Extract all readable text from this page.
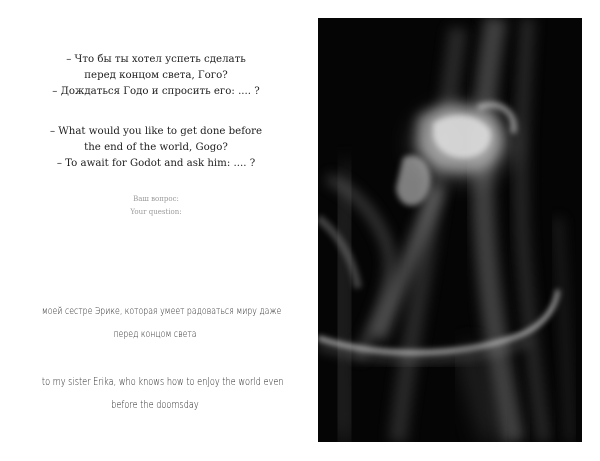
– Что бы ты хотел успеть сделать
перед концом света, Гого?
– Дождаться Годо и спросить его: .... ?
– What would you like to get done before
the end of the world, Gogo?
– To await for Godot and ask him: .... ?
Ваш вопрос:
Your question:
моей сестре Эрике, которая умеет радоваться миру даже
перед концом света
to my sister Erika, who knows how to enJoy the world even
before the doomsday
